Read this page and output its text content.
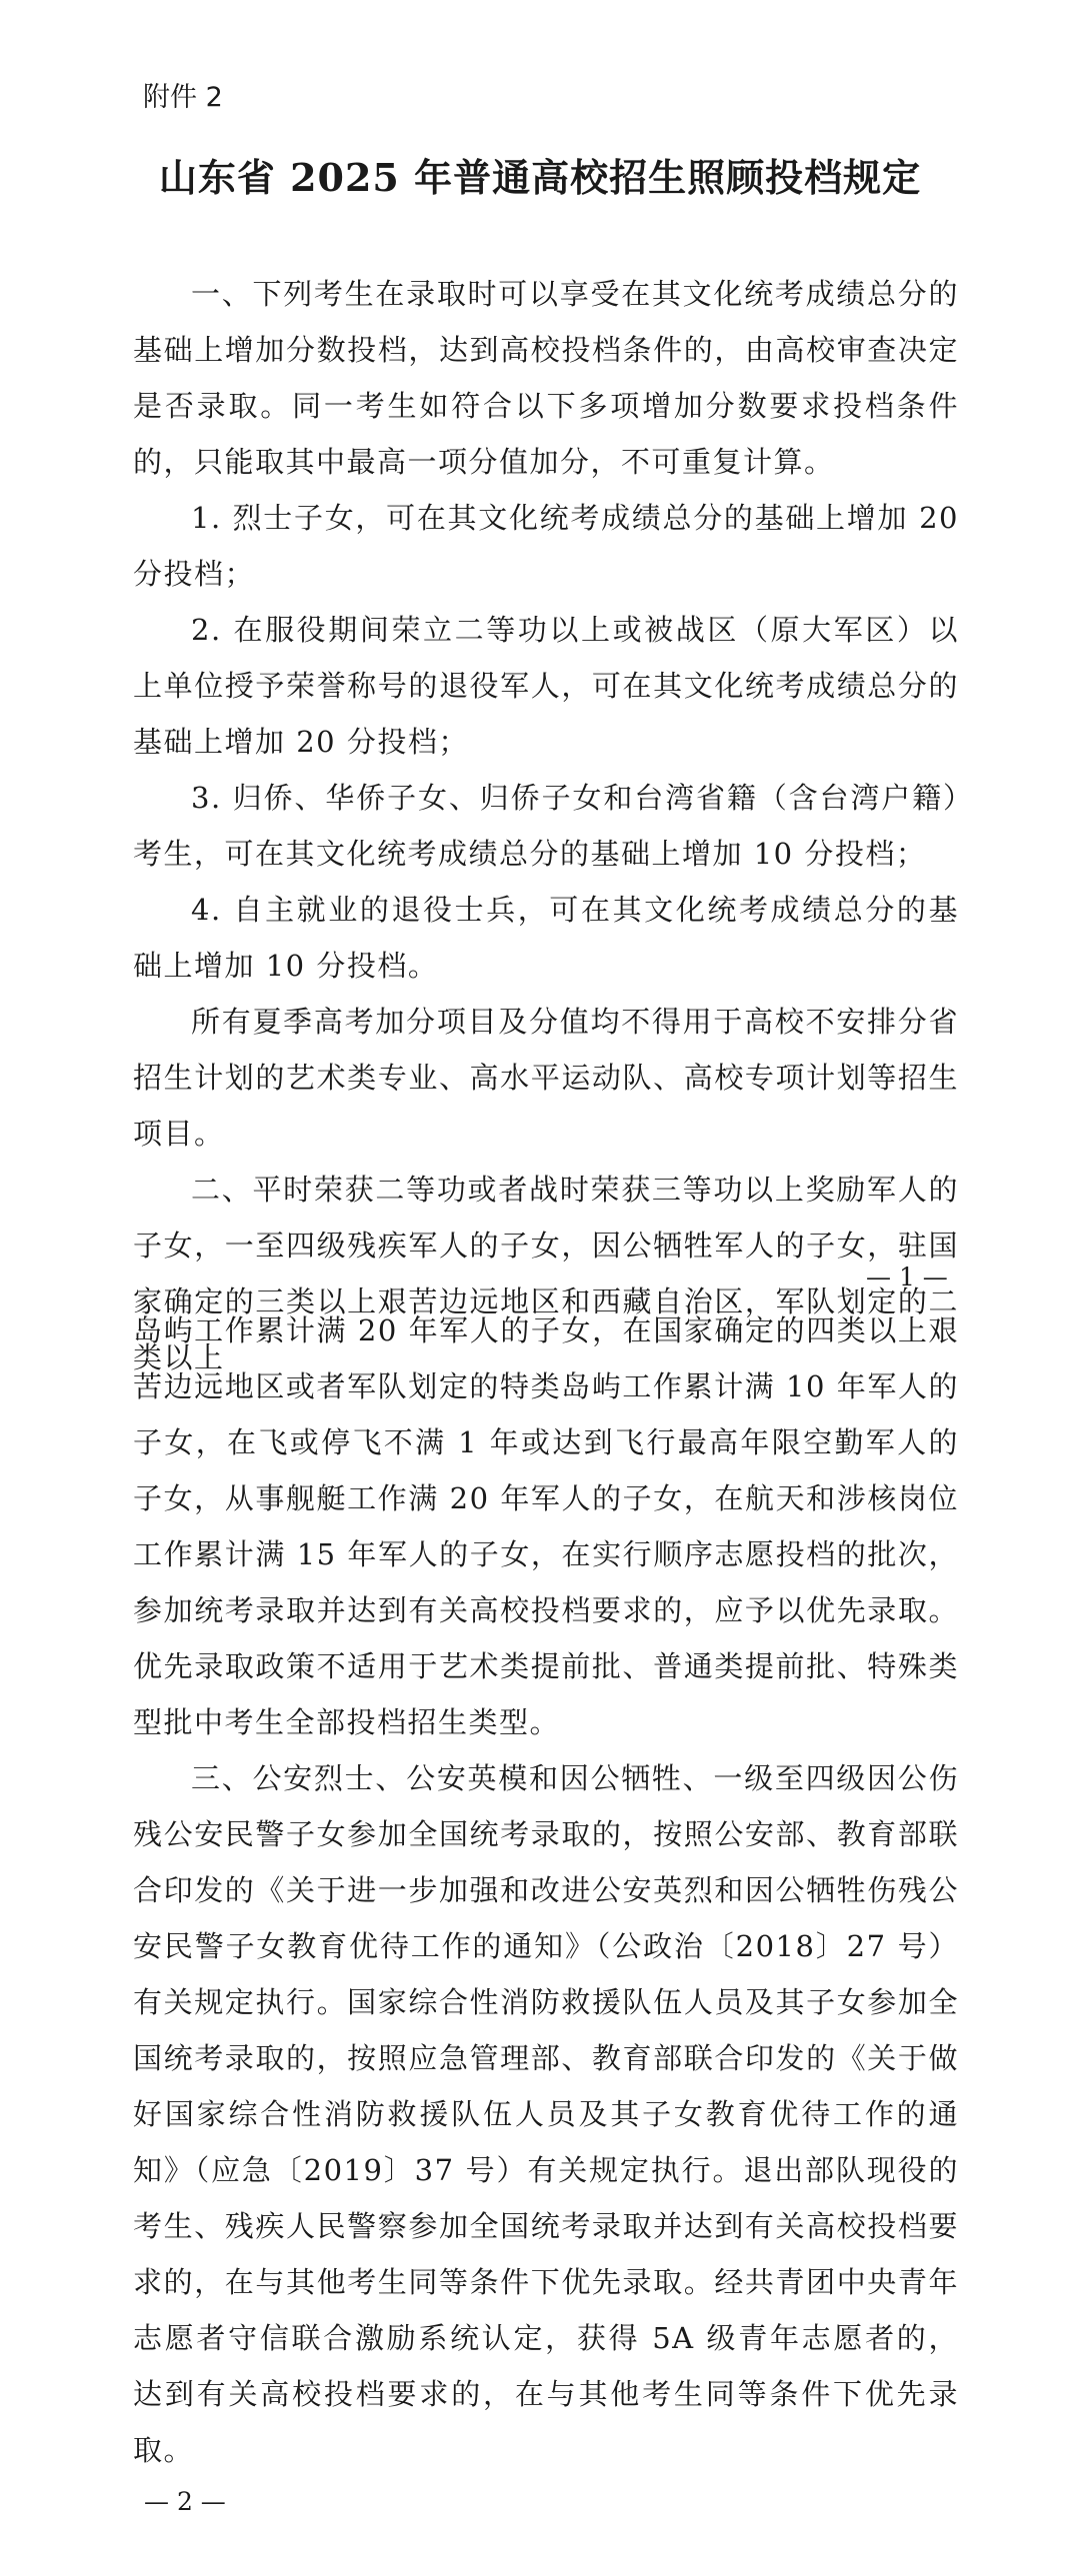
附件 2

山东省 2025 年普通高校招生照顾投档规定

一、下列考生在录取时可以享受在其文化统考成绩总分的基础上增加分数投档，达到高校投档条件的，由高校审查决定是否录取。同一考生如符合以下多项增加分数要求投档条件的，只能取其中最高一项分值加分，不可重复计算。

1. 烈士子女，可在其文化统考成绩总分的基础上增加 20 分投档；

2. 在服役期间荣立二等功以上或被战区（原大军区）以上单位授予荣誉称号的退役军人，可在其文化统考成绩总分的基础上增加 20 分投档；

3. 归侨、华侨子女、归侨子女和台湾省籍（含台湾户籍）考生，可在其文化统考成绩总分的基础上增加 10 分投档；

4. 自主就业的退役士兵，可在其文化统考成绩总分的基础上增加 10 分投档。

所有夏季高考加分项目及分值均不得用于高校不安排分省招生计划的艺术类专业、高水平运动队、高校专项计划等招生项目。

二、平时荣获二等功或者战时荣获三等功以上奖励军人的子女，一至四级残疾军人的子女，因公牺牲军人的子女，驻国家确定的三类以上艰苦边远地区和西藏自治区，军队划定的二类以上

— 1 —

岛屿工作累计满 20 年军人的子女，在国家确定的四类以上艰苦边远地区或者军队划定的特类岛屿工作累计满 10 年军人的子女，在飞或停飞不满 1 年或达到飞行最高年限空勤军人的子女，从事舰艇工作满 20 年军人的子女，在航天和涉核岗位工作累计满 15 年军人的子女，在实行顺序志愿投档的批次，参加统考录取并达到有关高校投档要求的，应予以优先录取。优先录取政策不适用于艺术类提前批、普通类提前批、特殊类型批中考生全部投档招生类型。

三、公安烈士、公安英模和因公牺牲、一级至四级因公伤残公安民警子女参加全国统考录取的，按照公安部、教育部联合印发的《关于进一步加强和改进公安英烈和因公牺牲伤残公安民警子女教育优待工作的通知》（公政治〔2018〕27 号）有关规定执行。国家综合性消防救援队伍人员及其子女参加全国统考录取的，按照应急管理部、教育部联合印发的《关于做好国家综合性消防救援队伍人员及其子女教育优待工作的通知》（应急〔2019〕37 号）有关规定执行。退出部队现役的考生、残疾人民警察参加全国统考录取并达到有关高校投档要求的，在与其他考生同等条件下优先录取。经共青团中央青年志愿者守信联合激励系统认定，获得 5A 级青年志愿者的，达到有关高校投档要求的，在与其他考生同等条件下优先录取。

— 2 —
